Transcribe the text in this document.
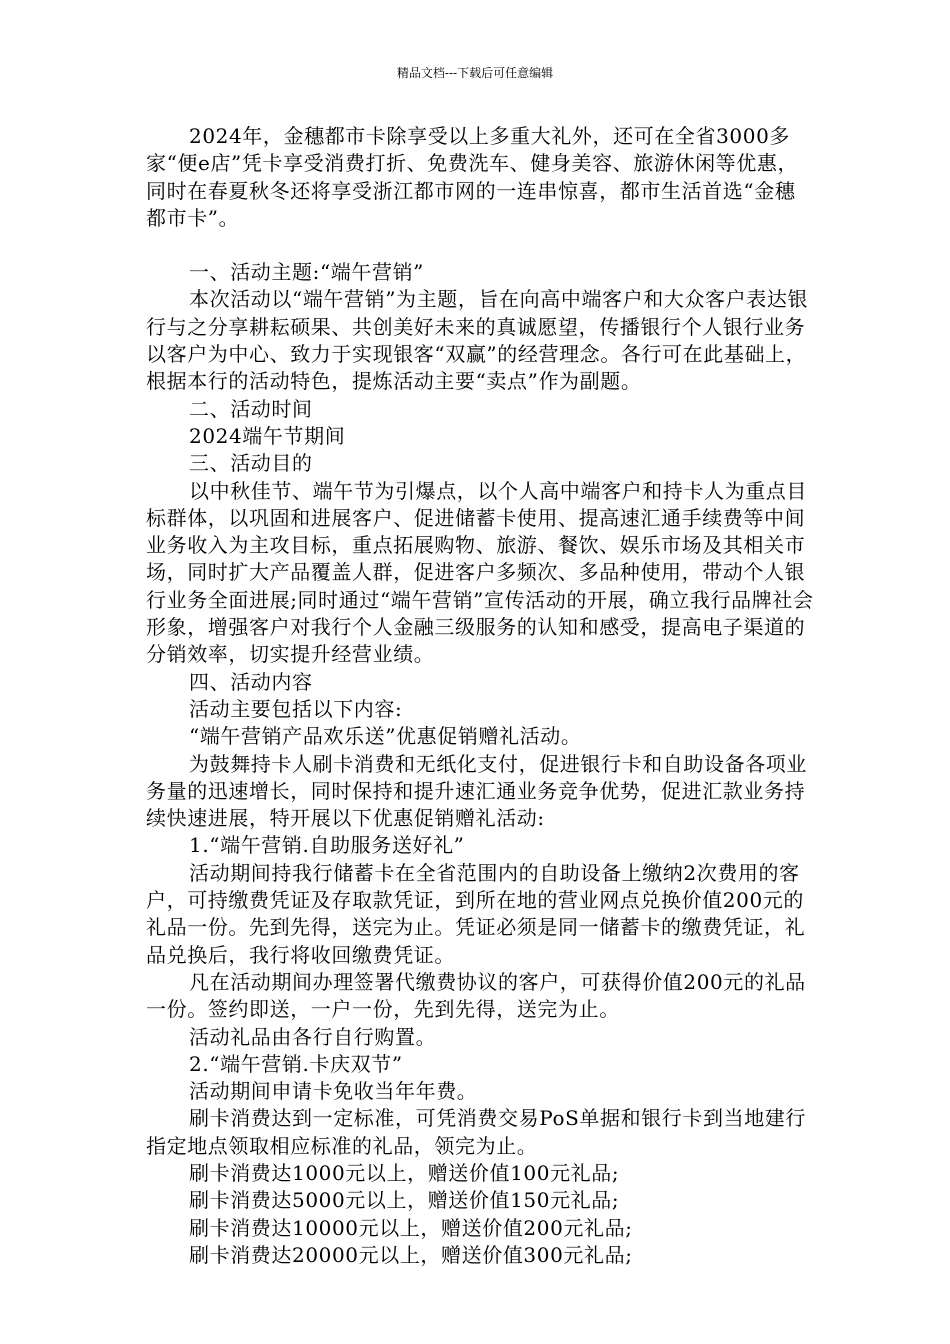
精品文档---下载后可任意编辑

2024年，金穗都市卡除享受以上多重大礼外，还可在全省3000多家“便e店”凭卡享受消费打折、免费洗车、健身美容、旅游休闲等优惠，同时在春夏秋冬还将享受浙江都市网的一连串惊喜，都市生活首选“金穗都市卡”。

一、活动主题:“端午营销”

本次活动以“端午营销”为主题，旨在向高中端客户和大众客户表达银行与之分享耕耘硕果、共创美好未来的真诚愿望，传播银行个人银行业务以客户为中心、致力于实现银客“双赢”的经营理念。各行可在此基础上，根据本行的活动特色，提炼活动主要“卖点”作为副题。

二、活动时间

2024端午节期间

三、活动目的

以中秋佳节、端午节为引爆点，以个人高中端客户和持卡人为重点目标群体，以巩固和进展客户、促进储蓄卡使用、提高速汇通手续费等中间业务收入为主攻目标，重点拓展购物、旅游、餐饮、娱乐市场及其相关市场，同时扩大产品覆盖人群，促进客户多频次、多品种使用，带动个人银行业务全面进展;同时通过“端午营销”宣传活动的开展，确立我行品牌社会形象，增强客户对我行个人金融三级服务的认知和感受，提高电子渠道的分销效率，切实提升经营业绩。

四、活动内容

活动主要包括以下内容:

“端午营销产品欢乐送”优惠促销赠礼活动。

为鼓舞持卡人刷卡消费和无纸化支付，促进银行卡和自助设备各项业务量的迅速增长，同时保持和提升速汇通业务竞争优势，促进汇款业务持续快速进展，特开展以下优惠促销赠礼活动:

1.“端午营销.自助服务送好礼”

活动期间持我行储蓄卡在全省范围内的自助设备上缴纳2次费用的客户，可持缴费凭证及存取款凭证，到所在地的营业网点兑换价值200元的礼品一份。先到先得，送完为止。凭证必须是同一储蓄卡的缴费凭证，礼品兑换后，我行将收回缴费凭证。

凡在活动期间办理签署代缴费协议的客户，可获得价值200元的礼品一份。签约即送，一户一份，先到先得，送完为止。

活动礼品由各行自行购置。

2.“端午营销.卡庆双节”

活动期间申请卡免收当年年费。

刷卡消费达到一定标准，可凭消费交易PoS单据和银行卡到当地建行指定地点领取相应标准的礼品，领完为止。

刷卡消费达1000元以上，赠送价值100元礼品;

刷卡消费达5000元以上，赠送价值150元礼品;

刷卡消费达10000元以上，赠送价值200元礼品;

刷卡消费达20000元以上，赠送价值300元礼品;
